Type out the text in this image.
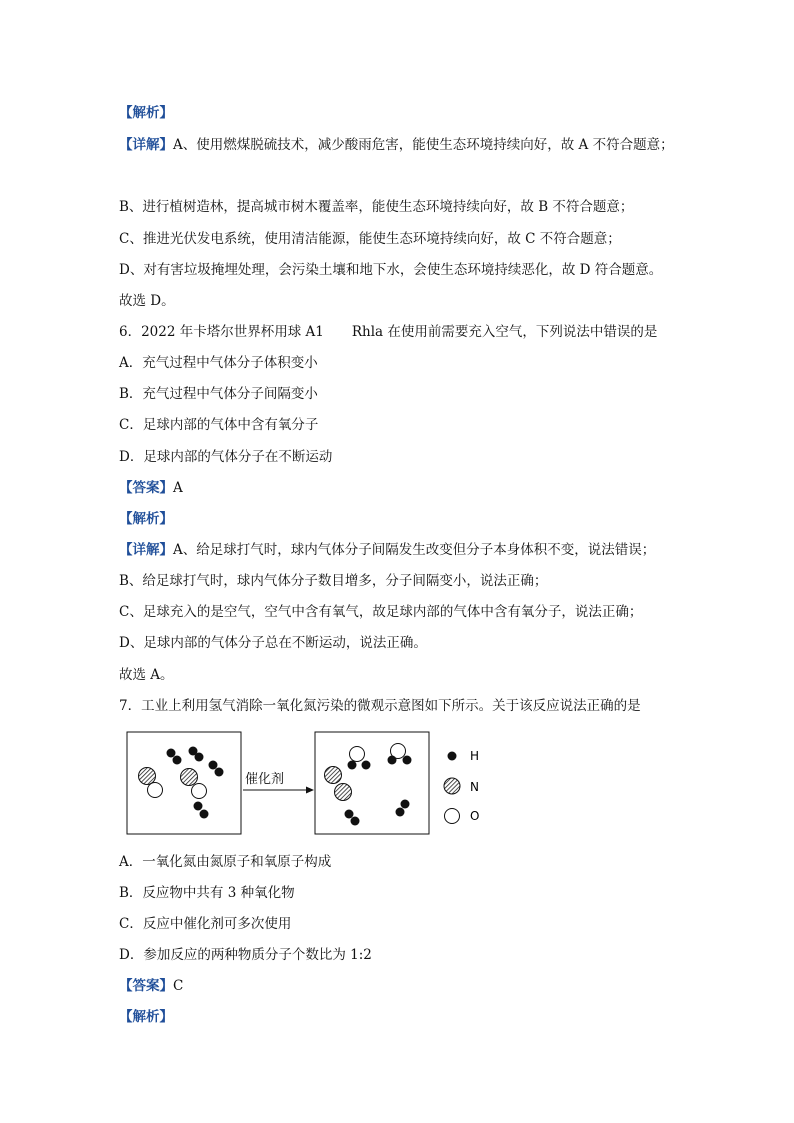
【解析】
【详解】A、使用燃煤脱硫技术，减少酸雨危害，能使生态环境持续向好，故 A 不符合题意；
B、进行植树造林，提高城市树木覆盖率，能使生态环境持续向好，故 B 不符合题意；
C、推进光伏发电系统，使用清洁能源，能使生态环境持续向好，故 C 不符合题意；
D、对有害垃圾掩埋处理，会污染土壤和地下水，会使生态环境持续恶化，故 D 符合题意。
故选 D。
6．2022 年卡塔尔世界杯用球 A1 Rhla 在使用前需要充入空气，下列说法中错误的是
A．充气过程中气体分子体积变小
B．充气过程中气体分子间隔变小
C．足球内部的气体中含有氧分子
D．足球内部的气体分子在不断运动
【答案】A
【解析】
【详解】A、给足球打气时，球内气体分子间隔发生改变但分子本身体积不变，说法错误；
B、给足球打气时，球内气体分子数目增多，分子间隔变小，说法正确；
C、足球充入的是空气，空气中含有氧气，故足球内部的气体中含有氧分子，说法正确；
D、足球内部的气体分子总在不断运动，说法正确。
故选 A。
7．工业上利用氢气消除一氧化氮污染的微观示意图如下所示。关于该反应说法正确的是
催化剂
H
N
O
A．一氧化氮由氮原子和氧原子构成
B．反应物中共有 3 种氧化物
C．反应中催化剂可多次使用
D．参加反应的两种物质分子个数比为 1:2
【答案】C
【解析】
